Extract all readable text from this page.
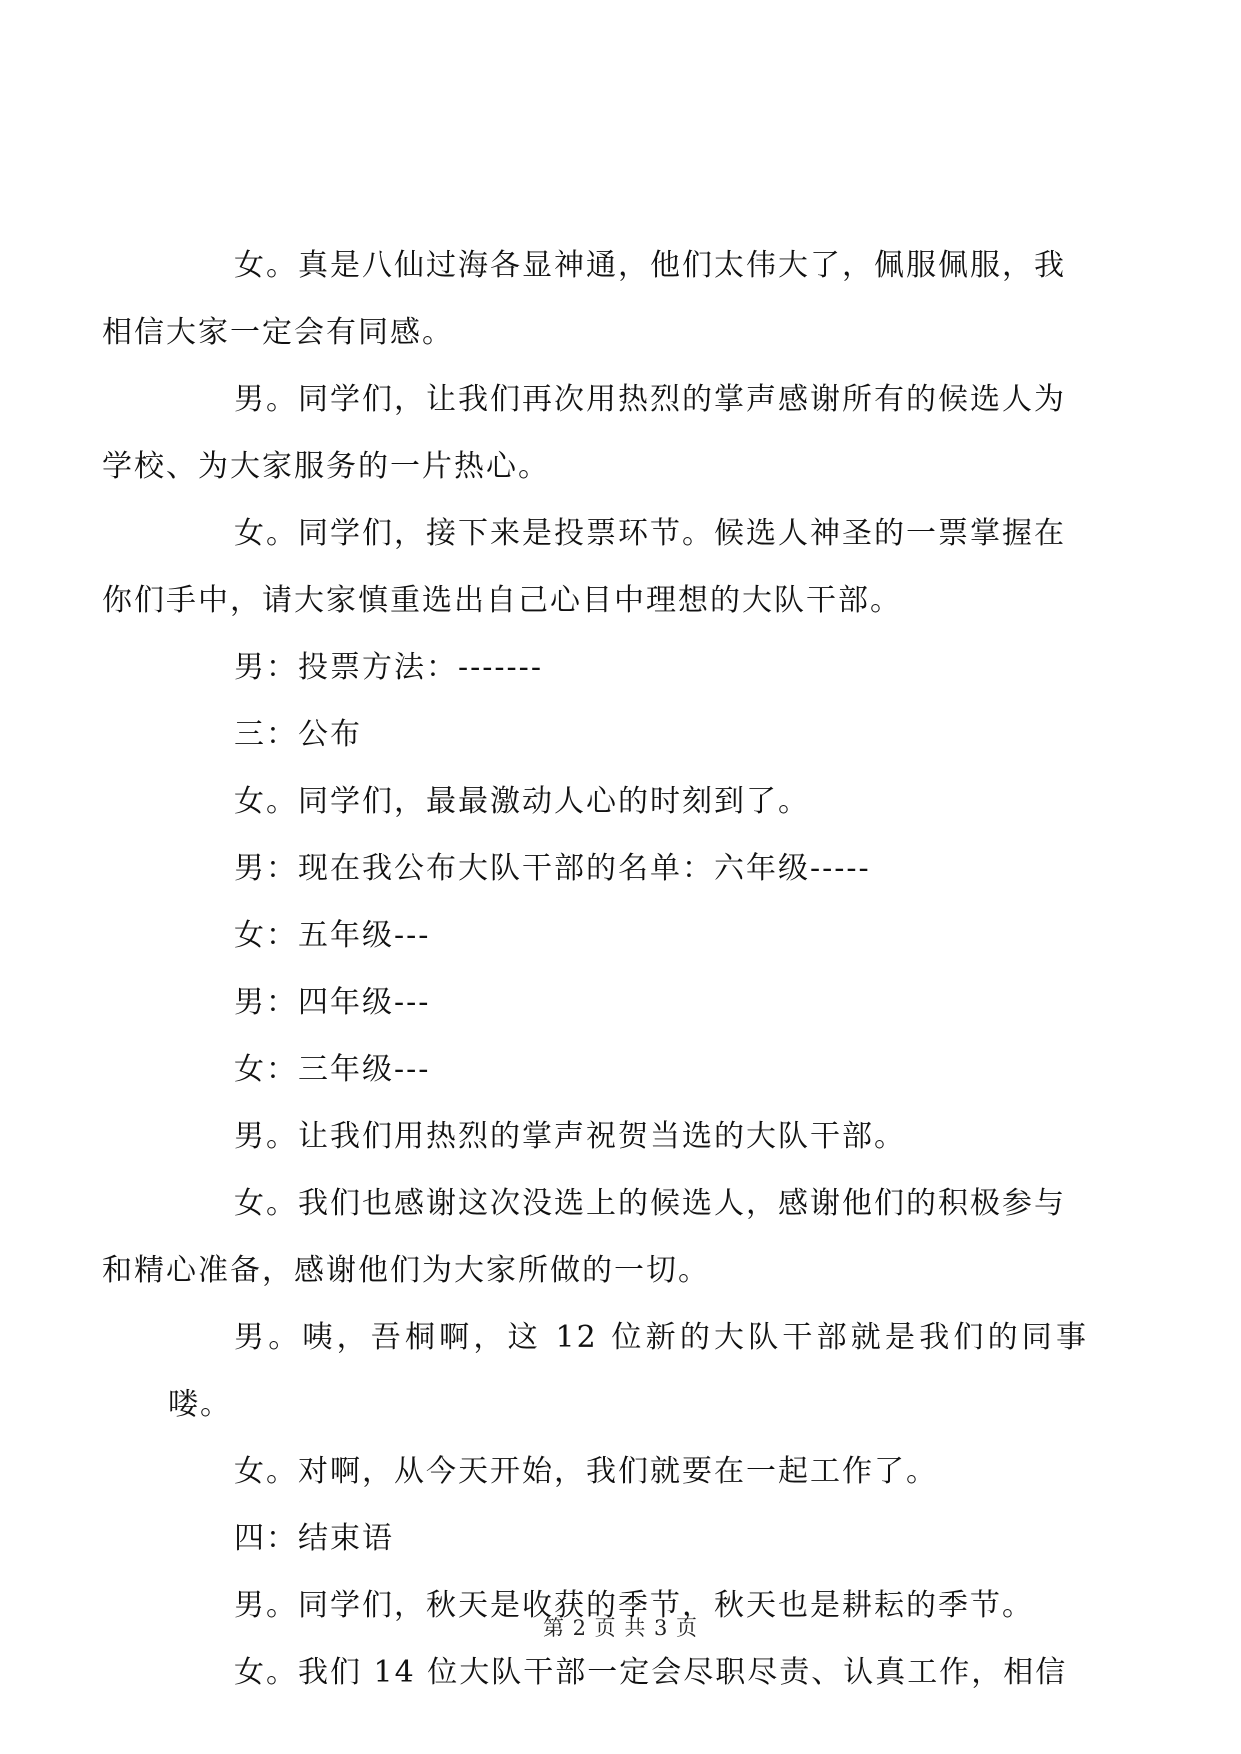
女。真是八仙过海各显神通，他们太伟大了，佩服佩服，我
相信大家一定会有同感。

男。同学们，让我们再次用热烈的掌声感谢所有的候选人为
学校、为大家服务的一片热心。

女。同学们，接下来是投票环节。候选人神圣的一票掌握在
你们手中，请大家慎重选出自己心目中理想的大队干部。

男：投票方法：-------

三：公布

女。同学们，最最激动人心的时刻到了。

男：现在我公布大队干部的名单：六年级-----

女：五年级---

男：四年级---

女：三年级---

男。让我们用热烈的掌声祝贺当选的大队干部。

女。我们也感谢这次没选上的候选人，感谢他们的积极参与
和精心准备，感谢他们为大家所做的一切。

男。咦，吾桐啊，这 12 位新的大队干部就是我们的同事喽。

女。对啊，从今天开始，我们就要在一起工作了。

四：结束语

男。同学们，秋天是收获的季节，秋天也是耕耘的季节。

女。我们 14 位大队干部一定会尽职尽责、认真工作，相信

第 2 页 共 3 页
